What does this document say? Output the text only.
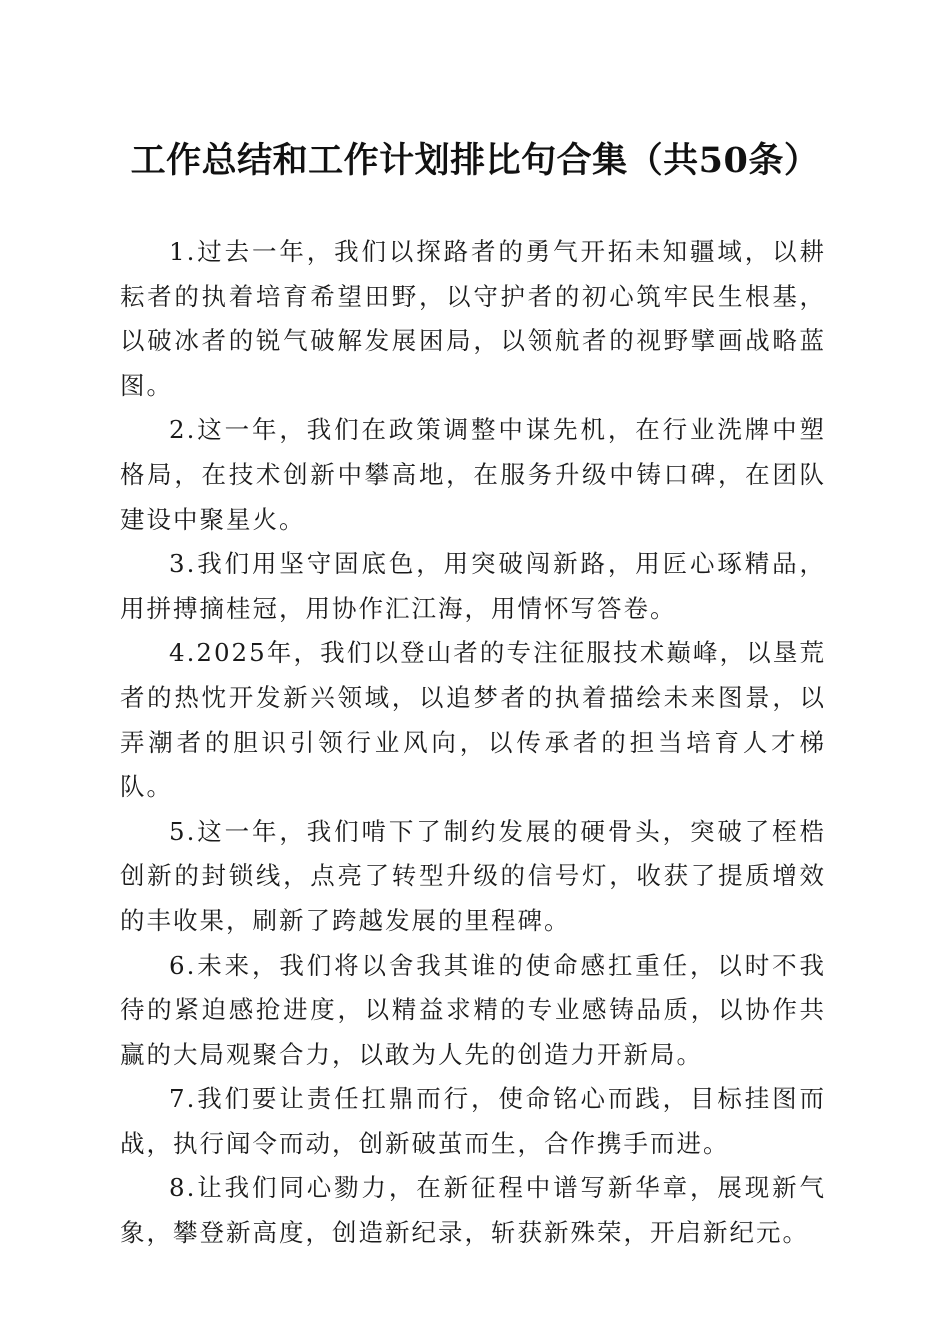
工作总结和工作计划排比句合集（共50条）

1.过去一年，我们以探路者的勇气开拓未知疆域，以耕耘者的执着培育希望田野，以守护者的初心筑牢民生根基，以破冰者的锐气破解发展困局，以领航者的视野擘画战略蓝图。

2.这一年，我们在政策调整中谋先机，在行业洗牌中塑格局，在技术创新中攀高地，在服务升级中铸口碑，在团队建设中聚星火。

3.我们用坚守固底色，用突破闯新路，用匠心琢精品，用拼搏摘桂冠，用协作汇江海，用情怀写答卷。

4.2025年，我们以登山者的专注征服技术巅峰，以垦荒者的热忱开发新兴领域，以追梦者的执着描绘未来图景，以弄潮者的胆识引领行业风向，以传承者的担当培育人才梯队。

5.这一年，我们啃下了制约发展的硬骨头，突破了桎梏创新的封锁线，点亮了转型升级的信号灯，收获了提质增效的丰收果，刷新了跨越发展的里程碑。

6.未来，我们将以舍我其谁的使命感扛重任，以时不我待的紧迫感抢进度，以精益求精的专业感铸品质，以协作共赢的大局观聚合力，以敢为人先的创造力开新局。

7.我们要让责任扛鼎而行，使命铭心而践，目标挂图而战，执行闻令而动，创新破茧而生，合作携手而进。

8.让我们同心勠力，在新征程中谱写新华章，展现新气象，攀登新高度，创造新纪录，斩获新殊荣，开启新纪元。
